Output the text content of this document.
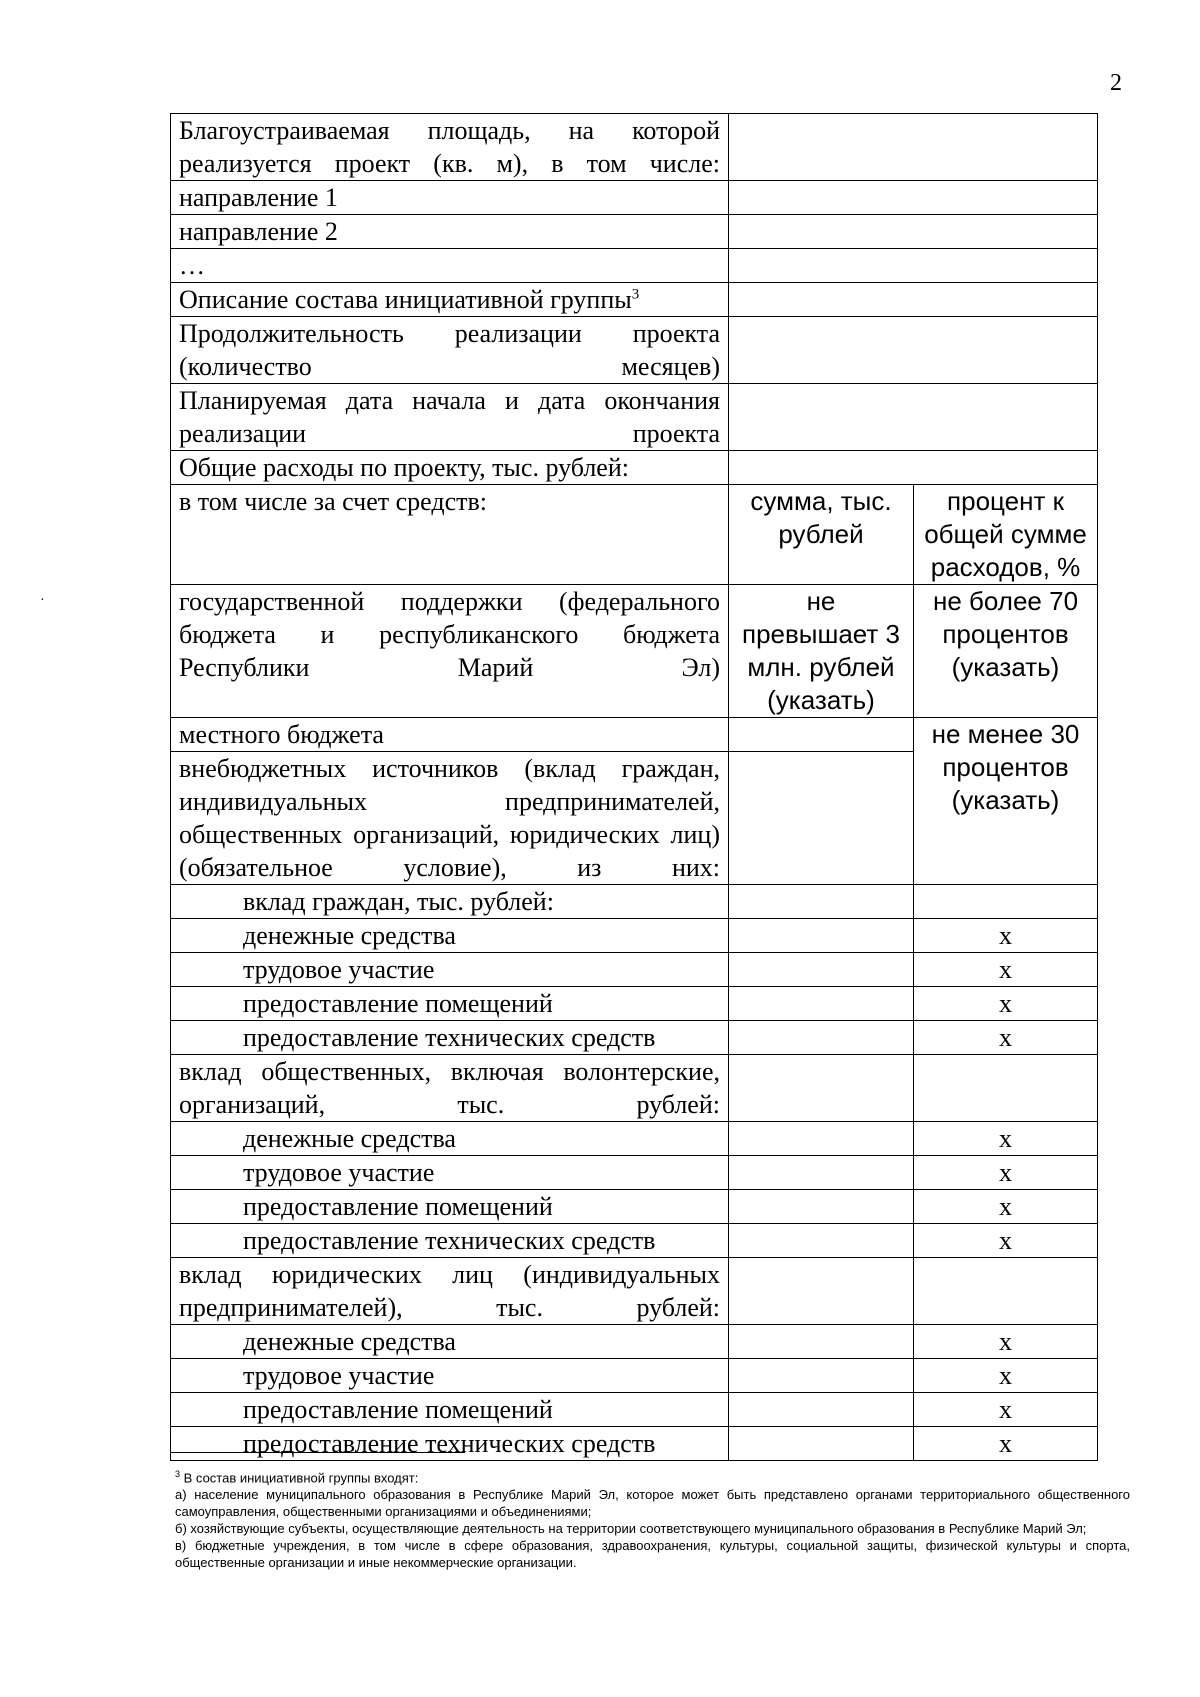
2
·
Благоустраиваемая площадь, на которой реализуется проект (кв. м), в том числе:		
направление 1		
направление 2		
…		
Описание состава инициативной группы$^3$	
Продолжительность реализации проекта (количество месяцев)		
Планируемая дата начала и дата окончания реализации проекта		
Общие расходы по проекту, тыс. рублей:		
в том числе за счет средств:	сумма, тыс. рублей	процент к общей сумме расходов, %
государственной поддержки (федерального бюджета и республиканского бюджета Республики Марий Эл)	не превышает 3 млн. рублей (указать)	не более 70 процентов (указать)
местного бюджета		не менее 30 процентов (указать)
внебюджетных источников (вклад граждан, индивидуальных предпринимателей, общественных организаций, юридических лиц) (обязательное условие), из них:		
вклад граждан, тыс. рублей:		
денежные средства		x
трудовое участие		x
предоставление помещений		x
предоставление технических средств		x
вклад общественных, включая волонтерские, организаций, тыс. рублей:		
денежные средства		x
трудовое участие		x
предоставление помещений		x
предоставление технических средств		x
вклад юридических лиц (индивидуальных предпринимателей), тыс. рублей:		
денежные средства		x
трудовое участие		x
предоставление помещений		x
предоставление технических средств		x

$^3$ В состав инициативной группы входят:

а) население муниципального образования в Республике Марий Эл, которое может быть представлено органами территориального общественного самоуправления, общественными организациями и объединениями;

б) хозяйствующие субъекты, осуществляющие деятельность на территории соответствующего муниципального образования в Республике Марий Эл;

в) бюджетные учреждения, в том числе в сфере образования, здравоохранения, культуры, социальной защиты, физической культуры и спорта, общественные организации и иные некоммерческие организации.
